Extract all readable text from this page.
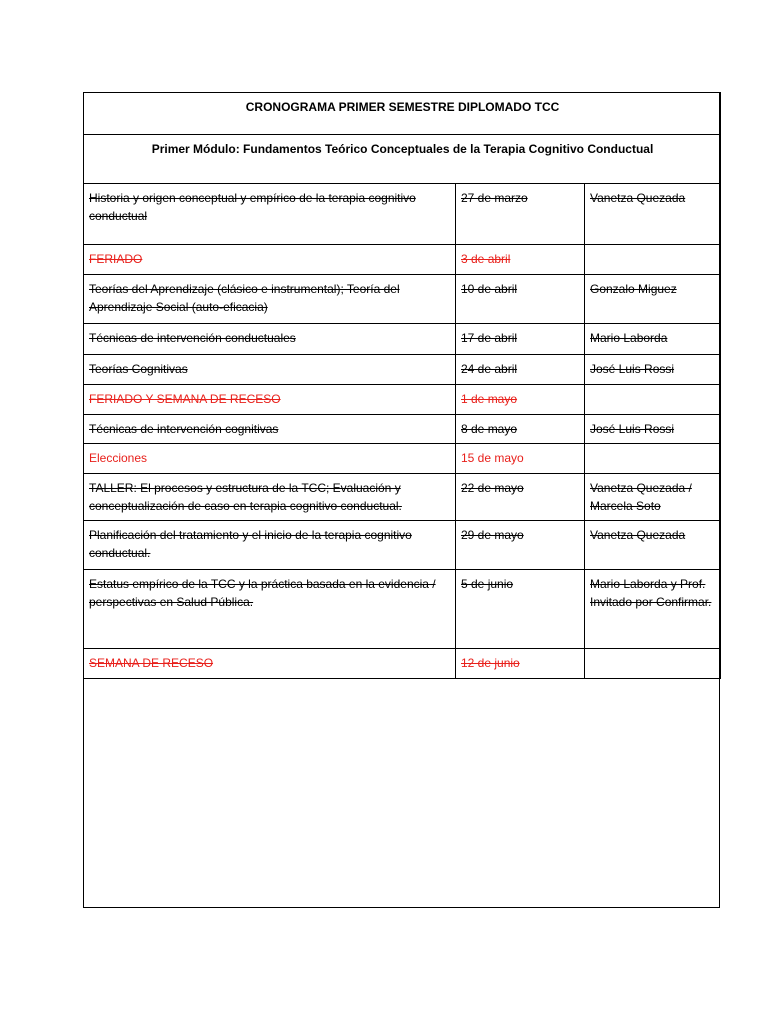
CRONOGRAMA PRIMER SEMESTRE DIPLOMADO TCC		
Primer Módulo: Fundamentos Teórico Conceptuales de la Terapia Cognitivo Conductual		
Historia y origen conceptual y empírico de la terapia cognitivo conductual	27 de marzo	Vanetza Quezada
FERIADO	3 de abril	
Teorías del Aprendizaje (clásico e instrumental); Teoría del Aprendizaje Social (auto-eficacia)	10 de abril	Gonzalo Miguez
Técnicas de intervención conductuales	17 de abril	Mario Laborda
Teorías Cognitivas	24 de abril	José Luis Rossi
FERIADO Y SEMANA DE RECESO	1 de mayo	
Técnicas de intervención cognitivas	8 de mayo	José Luis Rossi
Elecciones	15 de mayo	
TALLER: El procesos y estructura de la TCC; Evaluación y conceptualización de caso en terapia cognitivo conductual.	22 de mayo	Vanetza Quezada / Marcela Soto
Planificación del tratamiento y el inicio de la terapia cognitivo conductual.	29 de mayo	Vanetza Quezada
Estatus empírico de la TCC y la práctica basada en la evidencia / perspectivas en Salud Pública.	5 de junio	Mario Laborda y Prof. Invitado por Confirmar.
SEMANA DE RECESO	12 de junio	
